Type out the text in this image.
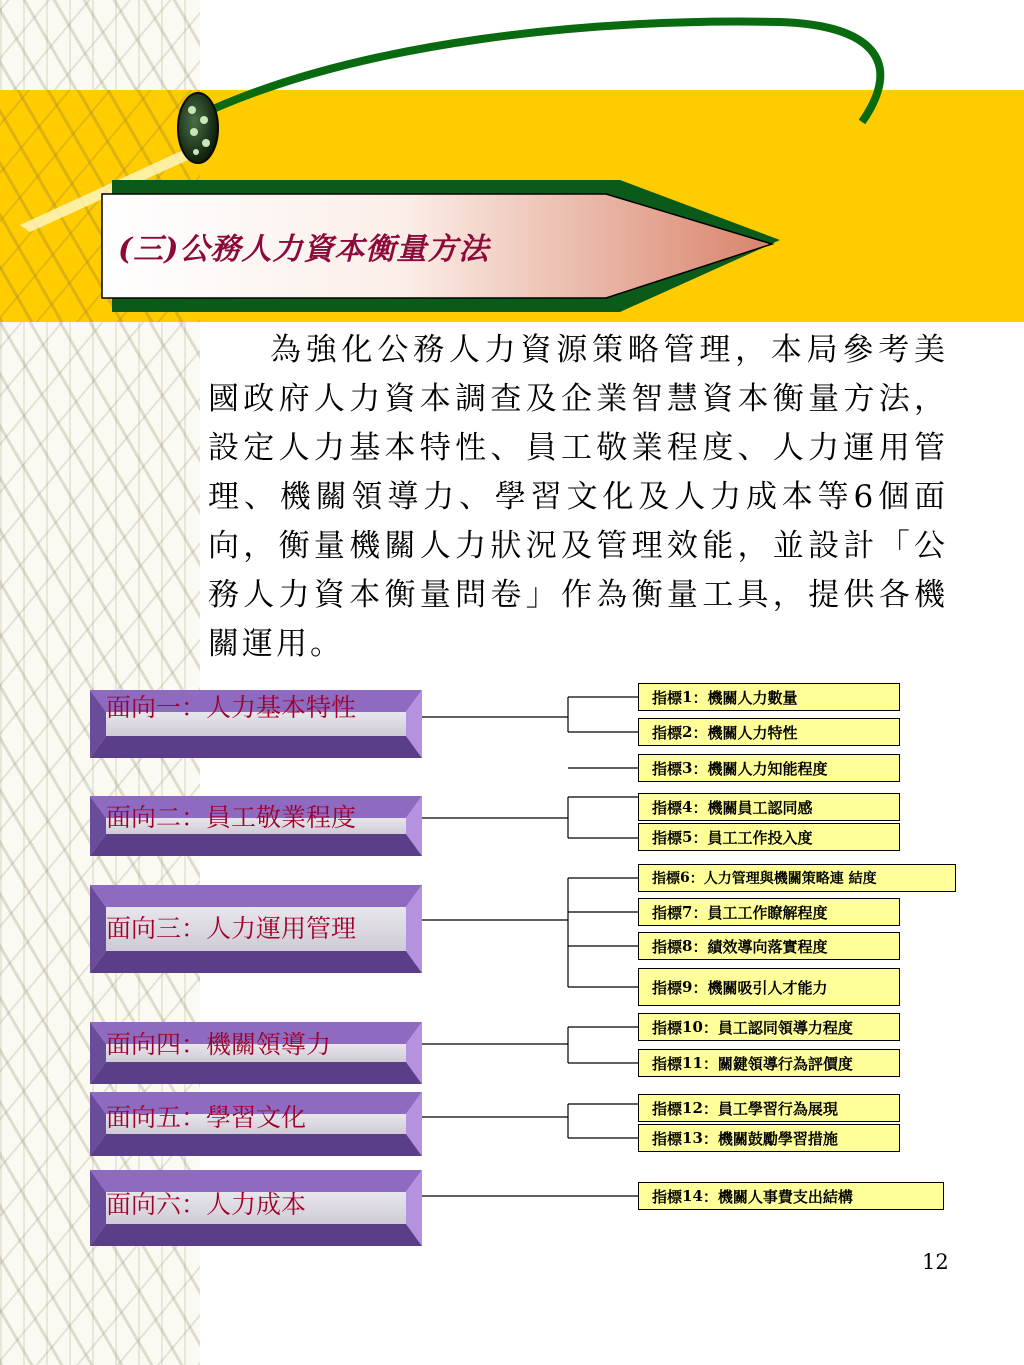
(三)公務人力資本衡量方法
為強化公務人力資源策略管理，本局參考美國政府人力資本調查及企業智慧資本衡量方法，設定人力基本特性、員工敬業程度、人力運用管理、機關領導力、學習文化及人力成本等6個面向，衡量機關人力狀況及管理效能，並設計「公務人力資本衡量問卷」作為衡量工具，提供各機關運用。
面向一：人力基本特性
面向二：員工敬業程度
面向三：人力運用管理
面向四：機關領導力
面向五：學習文化
面向六：人力成本
指標 1 ：機關人力數量
指標 2 ：機關人力特性
指標 3 ：機關人力知能程度
指標 4 ：機關員工認同感
指標 5 ：員工工作投入度
指標 6 ：人力管理與機關策略連 結度
指標 7 ：員工工作瞭解程度
指標 8 ：績效導向落實程度
指標 9 ：機關吸引人才能力
指標 10 ：員工認同領導力程度
指標 11 ：關鍵領導行為評價度
指標 12 ：員工學習行為展現
指標 13 ：機關鼓勵學習措施
指標 14 ：機關人事費支出結構
12
